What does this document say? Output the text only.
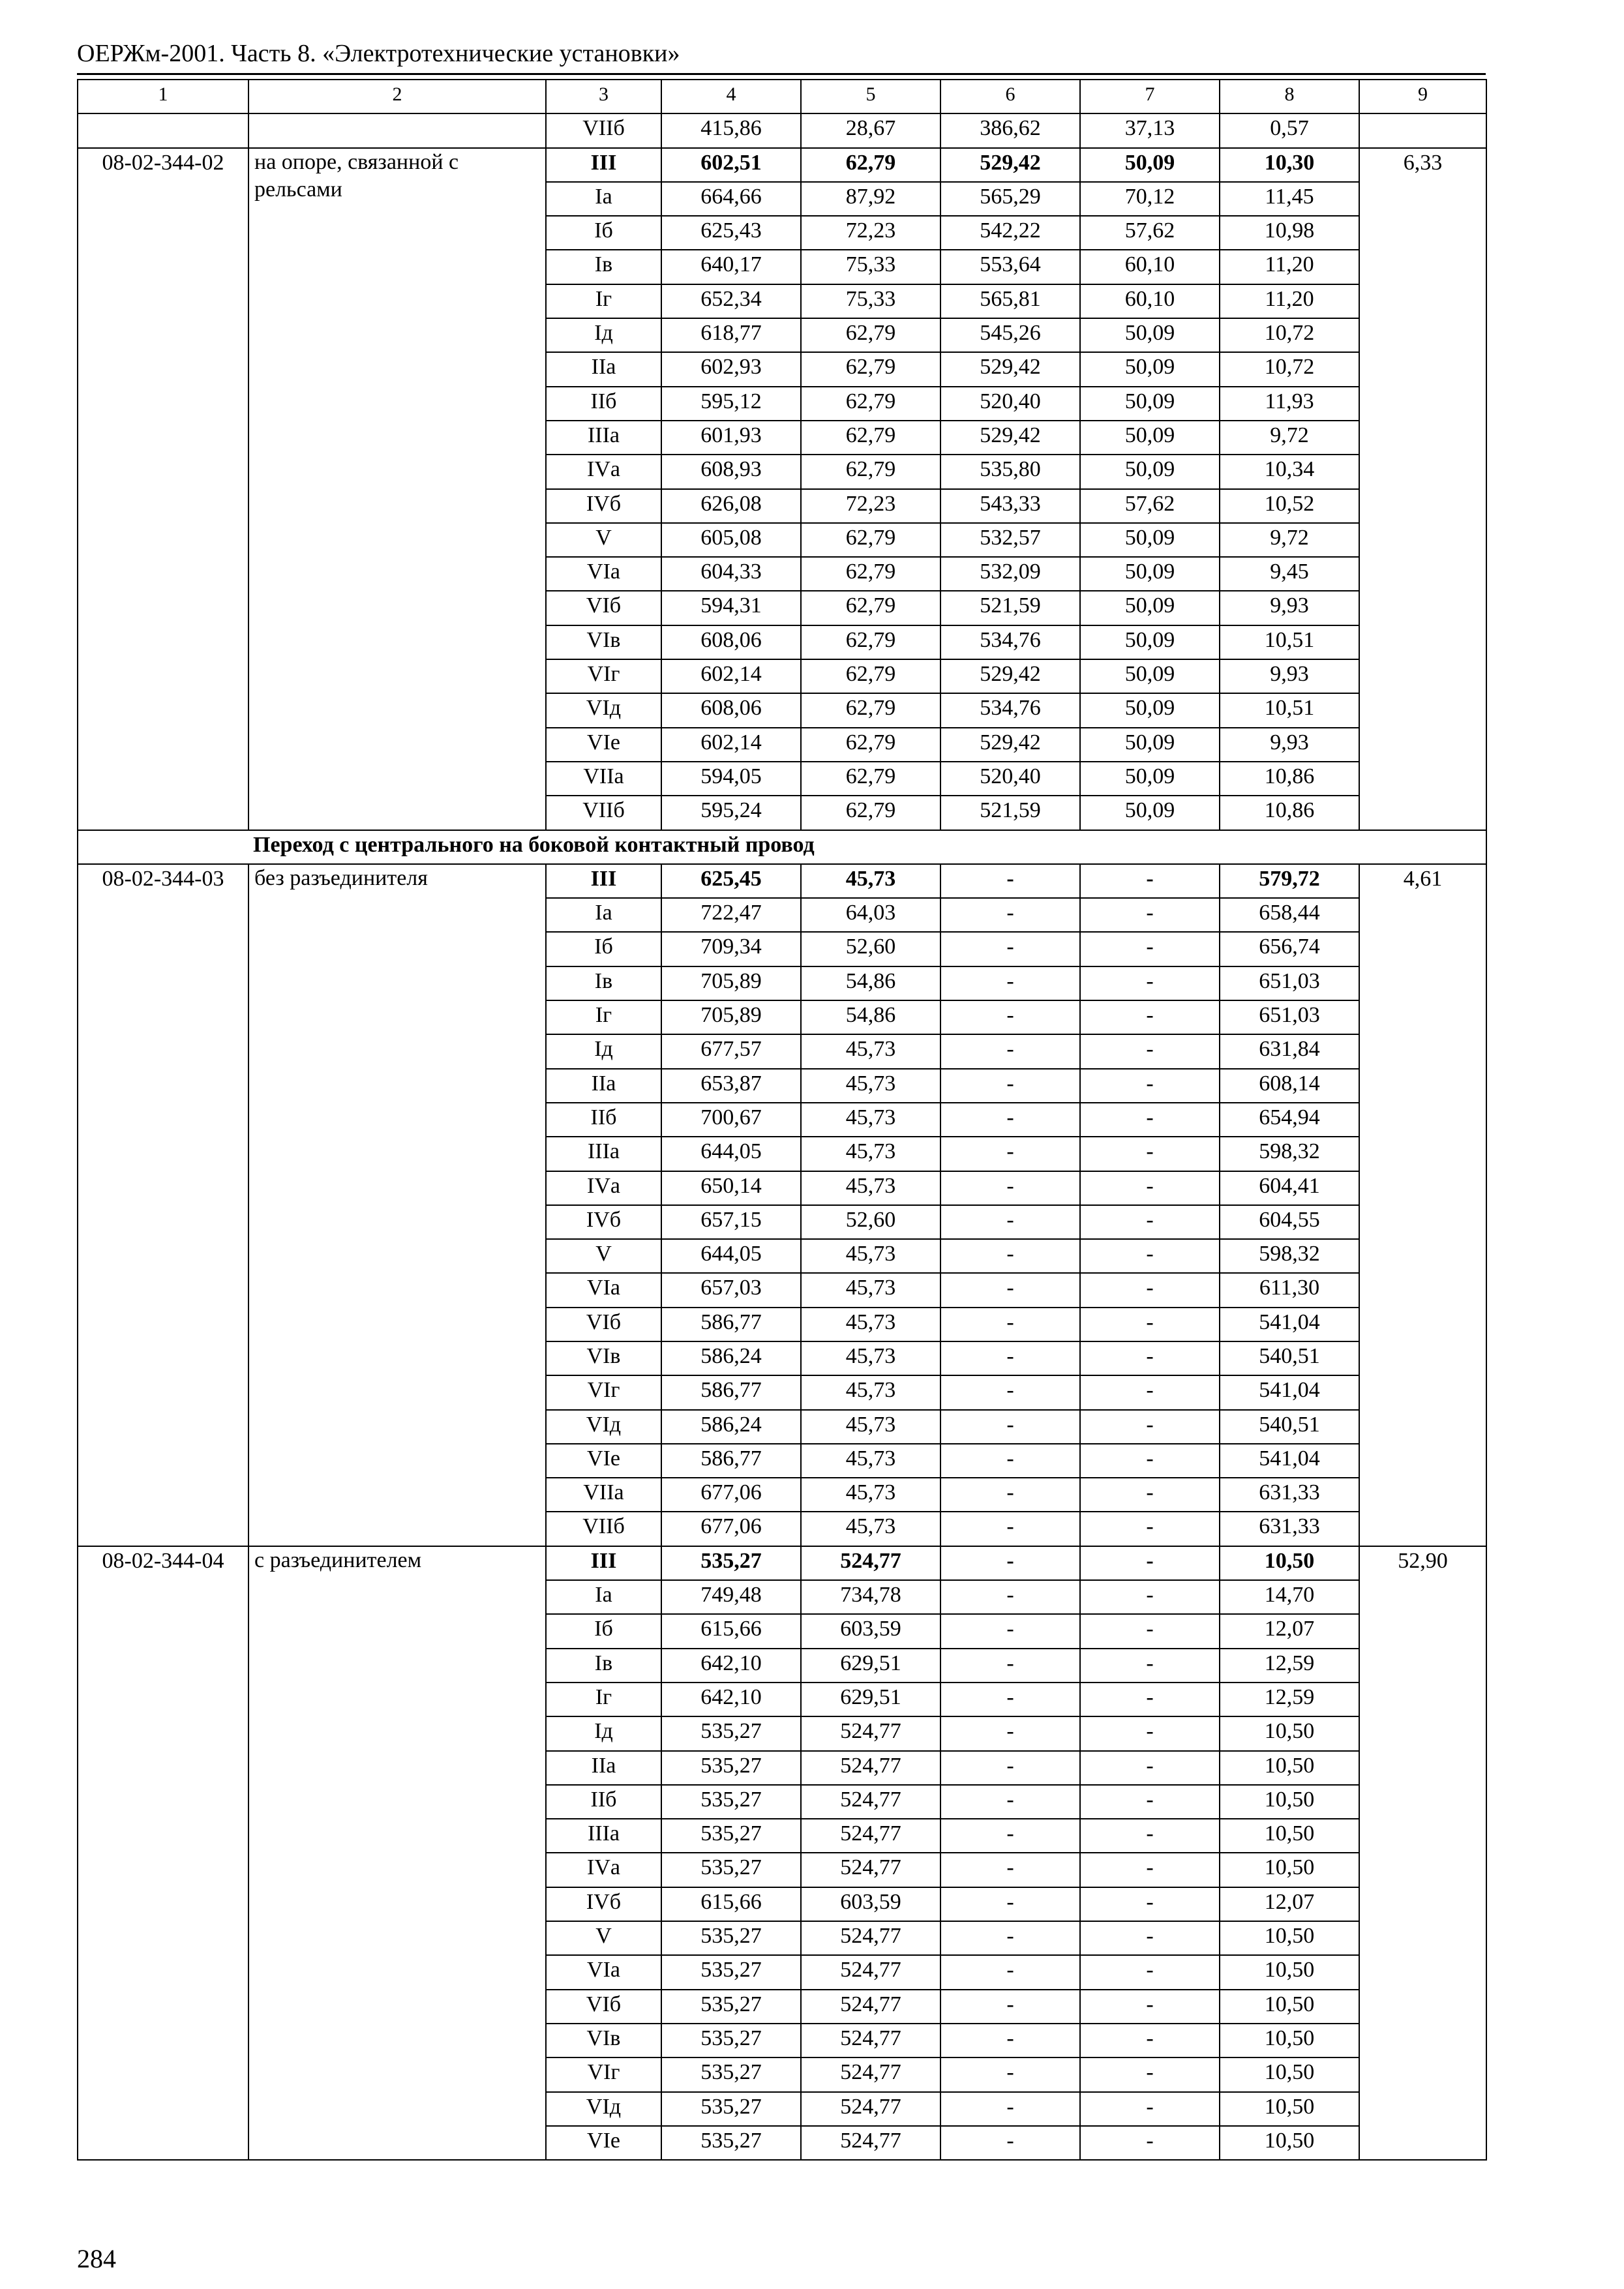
ОЕРЖм-2001. Часть 8. «Электротехнические установки»
1	2	3	4	5	6	7	8	9
		VIIб	415,86	28,67	386,62	37,13	0,57	
08-02-344-02	на опоре, связанной с рельсами	III	602,51	62,79	529,42	50,09	10,30	6,33
		Iа	664,66	87,92	565,29	70,12	11,45	
		Iб	625,43	72,23	542,22	57,62	10,98	
		Iв	640,17	75,33	553,64	60,10	11,20	
		Iг	652,34	75,33	565,81	60,10	11,20	
		Iд	618,77	62,79	545,26	50,09	10,72	
		IIа	602,93	62,79	529,42	50,09	10,72	
		IIб	595,12	62,79	520,40	50,09	11,93	
		IIIа	601,93	62,79	529,42	50,09	9,72	
		IVа	608,93	62,79	535,80	50,09	10,34	
		IVб	626,08	72,23	543,33	57,62	10,52	
		V	605,08	62,79	532,57	50,09	9,72	
		VIа	604,33	62,79	532,09	50,09	9,45	
		VIб	594,31	62,79	521,59	50,09	9,93	
		VIв	608,06	62,79	534,76	50,09	10,51	
		VIг	602,14	62,79	529,42	50,09	9,93	
		VIд	608,06	62,79	534,76	50,09	10,51	
		VIе	602,14	62,79	529,42	50,09	9,93	
		VIIа	594,05	62,79	520,40	50,09	10,86	
		VIIб	595,24	62,79	521,59	50,09	10,86	
Переход с центрального на боковой контактный провод								
08-02-344-03	без разъединителя	III	625,45	45,73	-	-	579,72	4,61
		Iа	722,47	64,03	-	-	658,44	
		Iб	709,34	52,60	-	-	656,74	
		Iв	705,89	54,86	-	-	651,03	
		Iг	705,89	54,86	-	-	651,03	
		Iд	677,57	45,73	-	-	631,84	
		IIа	653,87	45,73	-	-	608,14	
		IIб	700,67	45,73	-	-	654,94	
		IIIа	644,05	45,73	-	-	598,32	
		IVа	650,14	45,73	-	-	604,41	
		IVб	657,15	52,60	-	-	604,55	
		V	644,05	45,73	-	-	598,32	
		VIа	657,03	45,73	-	-	611,30	
		VIб	586,77	45,73	-	-	541,04	
		VIв	586,24	45,73	-	-	540,51	
		VIг	586,77	45,73	-	-	541,04	
		VIд	586,24	45,73	-	-	540,51	
		VIе	586,77	45,73	-	-	541,04	
		VIIа	677,06	45,73	-	-	631,33	
		VIIб	677,06	45,73	-	-	631,33	
08-02-344-04	с разъединителем	III	535,27	524,77	-	-	10,50	52,90
		Iа	749,48	734,78	-	-	14,70	
		Iб	615,66	603,59	-	-	12,07	
		Iв	642,10	629,51	-	-	12,59	
		Iг	642,10	629,51	-	-	12,59	
		Iд	535,27	524,77	-	-	10,50	
		IIа	535,27	524,77	-	-	10,50	
		IIб	535,27	524,77	-	-	10,50	
		IIIа	535,27	524,77	-	-	10,50	
		IVа	535,27	524,77	-	-	10,50	
		IVб	615,66	603,59	-	-	12,07	
		V	535,27	524,77	-	-	10,50	
		VIа	535,27	524,77	-	-	10,50	
		VIб	535,27	524,77	-	-	10,50	
		VIв	535,27	524,77	-	-	10,50	
		VIг	535,27	524,77	-	-	10,50	
		VIд	535,27	524,77	-	-	10,50	
		VIе	535,27	524,77	-	-	10,50	
284
